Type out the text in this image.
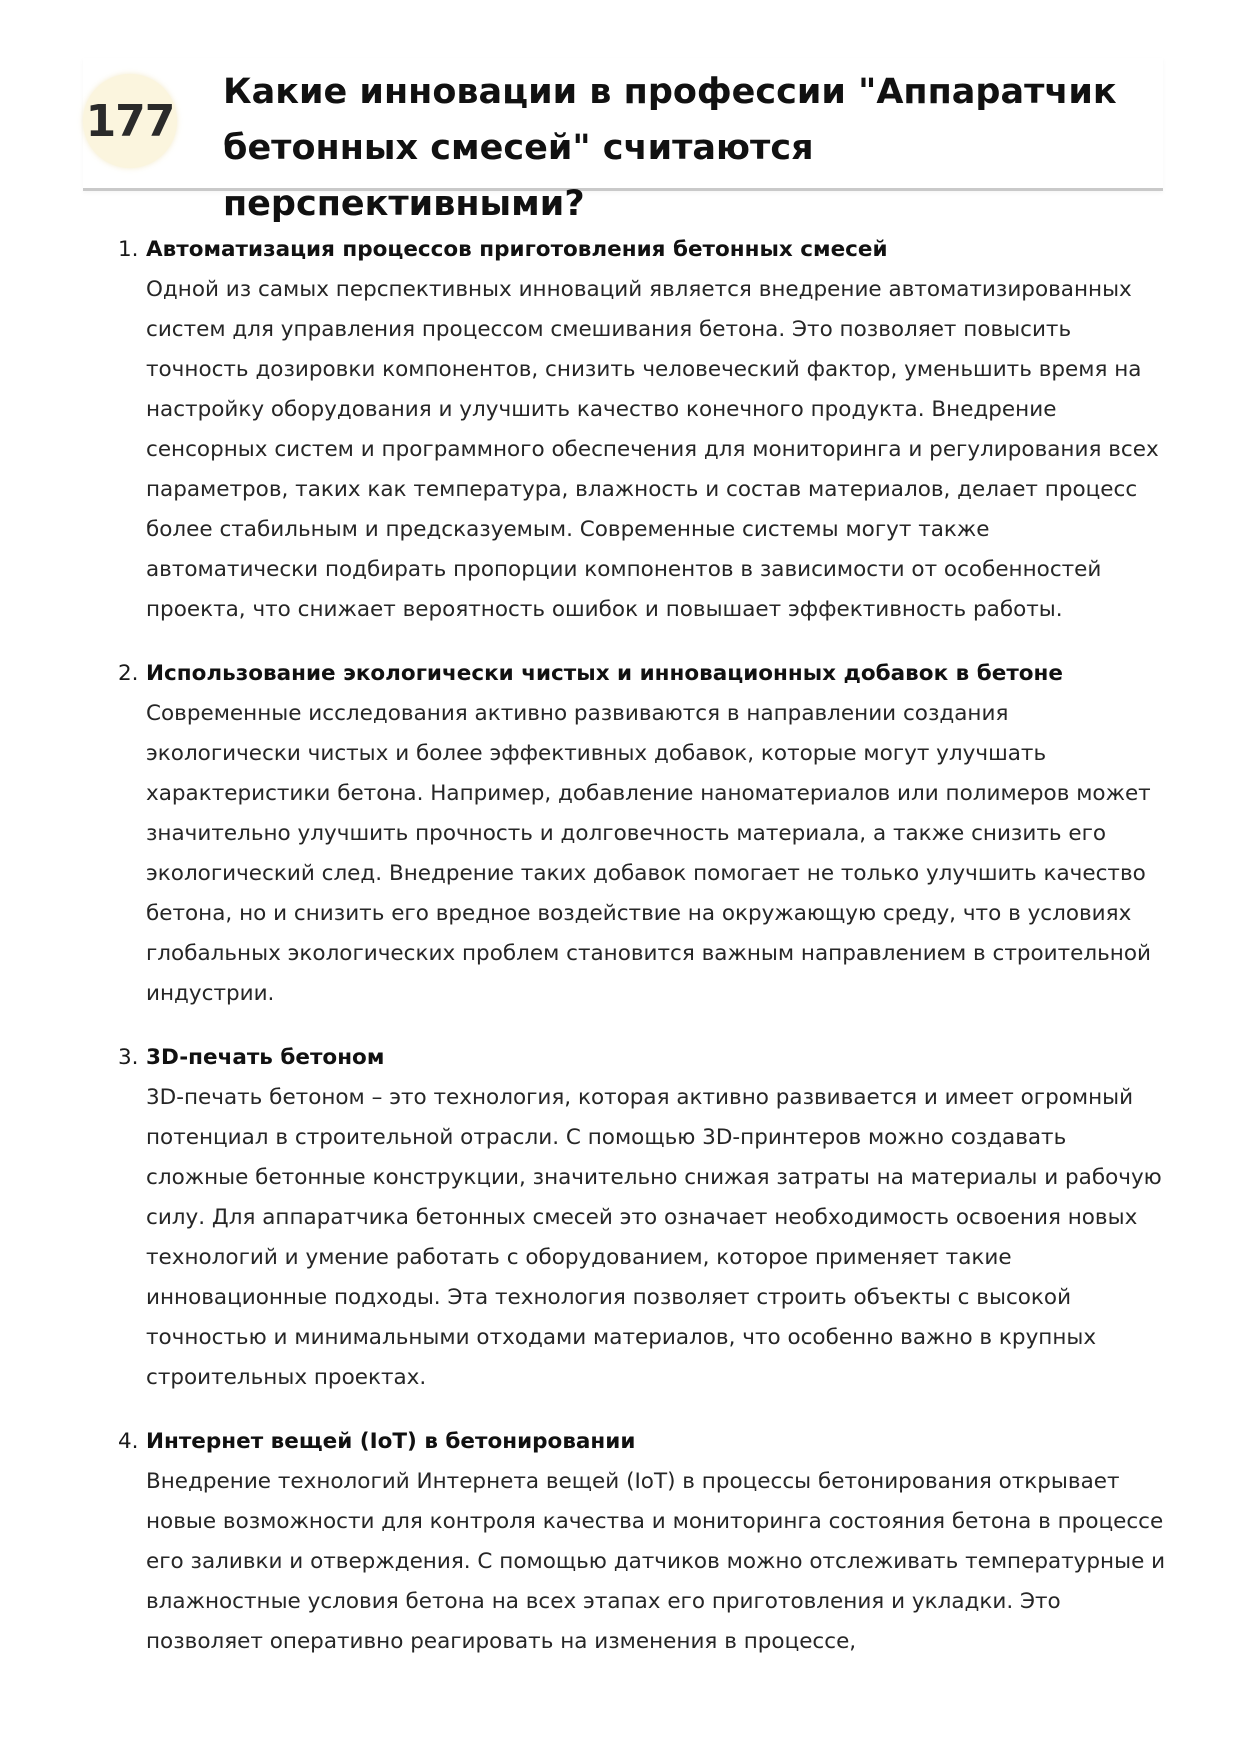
177
Какие инновации в профессии "Аппаратчик бетонных смесей" считаются перспективными?
1. Автоматизация процессов приготовления бетонных смесей

Одной из самых перспективных инноваций является внедрение автоматизированных систем для управления процессом смешивания бетона. Это позволяет повысить точность дозировки компонентов, снизить человеческий фактор, уменьшить время на настройку оборудования и улучшить качество конечного продукта. Внедрение сенсорных систем и программного обеспечения для мониторинга и регулирования всех параметров, таких как температура, влажность и состав материалов, делает процесс более стабильным и предсказуемым. Современные системы могут также автоматически подбирать пропорции компонентов в зависимости от особенностей проекта, что снижает вероятность ошибок и повышает эффективность работы.

2. Использование экологически чистых и инновационных добавок в бетоне

Современные исследования активно развиваются в направлении создания экологически чистых и более эффективных добавок, которые могут улучшать характеристики бетона. Например, добавление наноматериалов или полимеров может значительно улучшить прочность и долговечность материала, а также снизить его экологический след. Внедрение таких добавок помогает не только улучшить качество бетона, но и снизить его вредное воздействие на окружающую среду, что в условиях глобальных экологических проблем становится важным направлением в строительной индустрии.

3. 3D-печать бетоном

3D-печать бетоном – это технология, которая активно развивается и имеет огромный потенциал в строительной отрасли. С помощью 3D-принтеров можно создавать сложные бетонные конструкции, значительно снижая затраты на материалы и рабочую силу. Для аппаратчика бетонных смесей это означает необходимость освоения новых технологий и умение работать с оборудованием, которое применяет такие инновационные подходы. Эта технология позволяет строить объекты с высокой точностью и минимальными отходами материалов, что особенно важно в крупных строительных проектах.

4. Интернет вещей (IoT) в бетонировании

Внедрение технологий Интернета вещей (IoT) в процессы бетонирования открывает новые возможности для контроля качества и мониторинга состояния бетона в процессе его заливки и отверждения. С помощью датчиков можно отслеживать температурные и влажностные условия бетона на всех этапах его приготовления и укладки. Это позволяет оперативно реагировать на изменения в процессе,
